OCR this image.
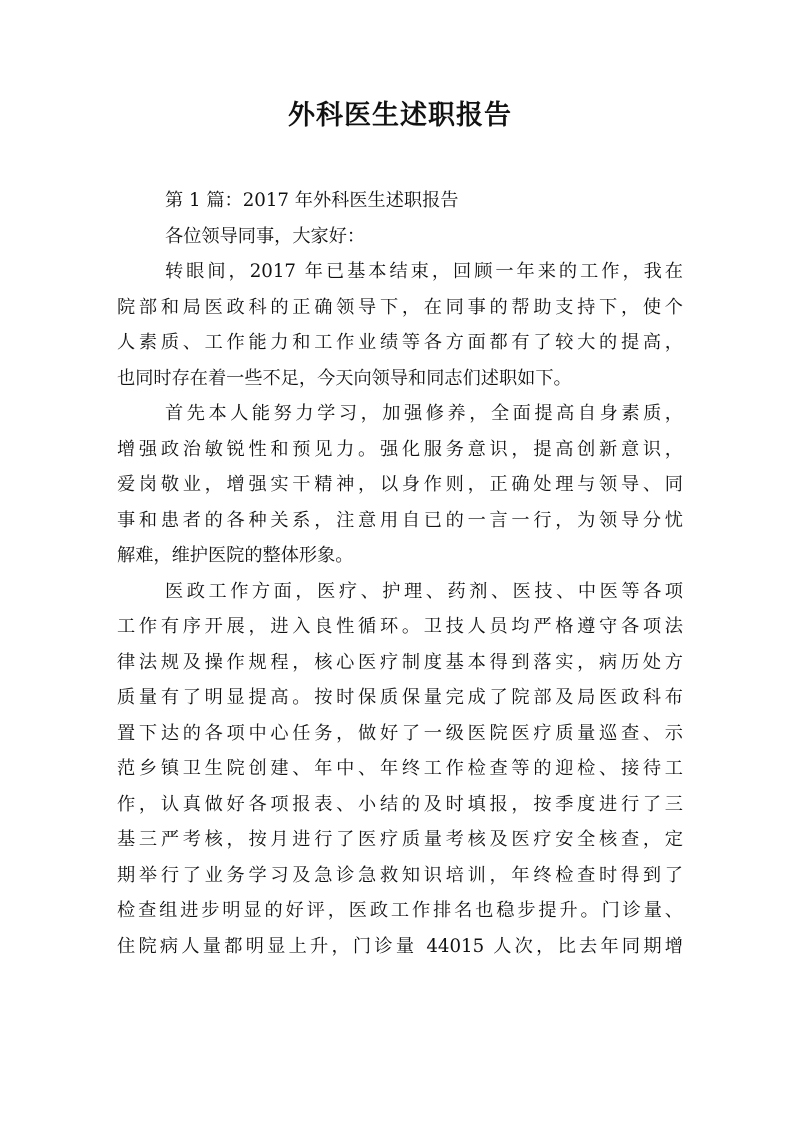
外科医生述职报告

第 1 篇：2017 年外科医生述职报告

各位领导同事，大家好：

转眼间，2017 年已基本结束，回顾一年来的工作，我在

院部和局医政科的正确领导下，在同事的帮助支持下，使个

人素质、工作能力和工作业绩等各方面都有了较大的提高，

也同时存在着一些不足，今天向领导和同志们述职如下。

首先本人能努力学习，加强修养，全面提高自身素质，

增强政治敏锐性和预见力。强化服务意识，提高创新意识，

爱岗敬业，增强实干精神，以身作则，正确处理与领导、同

事和患者的各种关系，注意用自已的一言一行，为领导分忧

解难，维护医院的整体形象。

医政工作方面，医疗、护理、药剂、医技、中医等各项

工作有序开展，进入良性循环。卫技人员均严格遵守各项法

律法规及操作规程，核心医疗制度基本得到落实，病历处方

质量有了明显提高。按时保质保量完成了院部及局医政科布

置下达的各项中心任务，做好了一级医院医疗质量巡查、示

范乡镇卫生院创建、年中、年终工作检查等的迎检、接待工

作，认真做好各项报表、小结的及时填报，按季度进行了三

基三严考核，按月进行了医疗质量考核及医疗安全核查，定

期举行了业务学习及急诊急救知识培训，年终检查时得到了

检查组进步明显的好评，医政工作排名也稳步提升。门诊量、

住院病人量都明显上升，门诊量 44015 人次，比去年同期增
